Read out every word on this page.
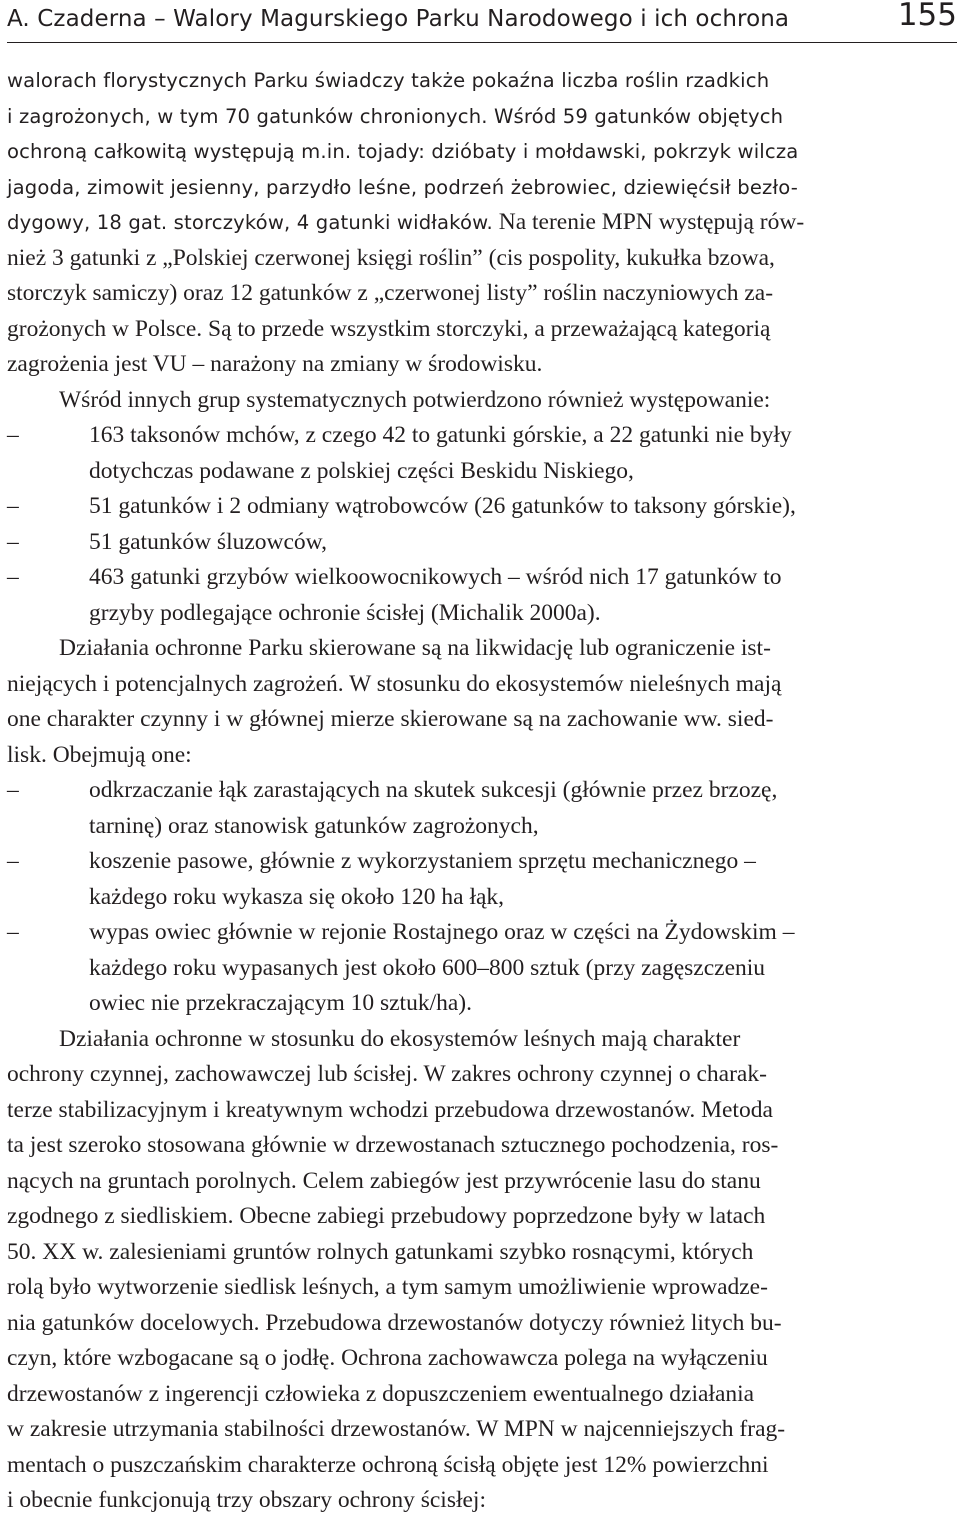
A. Czaderna – Walory Magurskiego Parku Narodowego i ich ochrona	155
walorach florystycznych Parku świadczy także pokaźna liczba roślin rzadkich
i zagrożonych, w tym 70 gatunków chronionych. Wśród 59 gatunków objętych
ochroną całkowitą występują m.in. tojady: dzióbaty i mołdawski, pokrzyk wilcza
jagoda, zimowit jesienny, parzydło leśne, podrzeń żebrowiec, dziewięćsił bezło-
dygowy, 18 gat. storczyków, 4 gatunki widłaków. Na terenie MPN występują rów-
nież 3 gatunki z „Polskiej czerwonej księgi roślin” (cis pospolity, kukułka bzowa,
storczyk samiczy) oraz 12 gatunków z „czerwonej listy” roślin naczyniowych za-
grożonych w Polsce. Są to przede wszystkim storczyki, a przeważającą kategorią
zagrożenia jest VU – narażony na zmiany w środowisku.
Wśród innych grup systematycznych potwierdzono również występowanie:
–	163 taksonów mchów, z czego 42 to gatunki górskie, a 22 gatunki nie były
dotychczas podawane z polskiej części Beskidu Niskiego,
–	51 gatunków i 2 odmiany wątrobowców (26 gatunków to taksony górskie),
–	51 gatunków śluzowców,
–	463 gatunki grzybów wielkoowocnikowych – wśród nich 17 gatunków to
grzyby podlegające ochronie ścisłej (Michalik 2000a).
Działania ochronne Parku skierowane są na likwidację lub ograniczenie ist-
niejących i potencjalnych zagrożeń. W stosunku do ekosystemów nieleśnych mają
one charakter czynny i w głównej mierze skierowane są na zachowanie ww. sied-
lisk. Obejmują one:
–	odkrzaczanie łąk zarastających na skutek sukcesji (głównie przez brzozę,
tarninę) oraz stanowisk gatunków zagrożonych,
–	koszenie pasowe, głównie z wykorzystaniem sprzętu mechanicznego –
każdego roku wykasza się około 120 ha łąk,
–	wypas owiec głównie w rejonie Rostajnego oraz w części na Żydowskim –
każdego roku wypasanych jest około 600–800 sztuk (przy zagęszczeniu
owiec nie przekraczającym 10 sztuk/ha).
Działania ochronne w stosunku do ekosystemów leśnych mają charakter
ochrony czynnej, zachowawczej lub ścisłej. W zakres ochrony czynnej o charak-
terze stabilizacyjnym i kreatywnym wchodzi przebudowa drzewostanów. Metoda
ta jest szeroko stosowana głównie w drzewostanach sztucznego pochodzenia, ros-
nących na gruntach porolnych. Celem zabiegów jest przywrócenie lasu do stanu
zgodnego z siedliskiem. Obecne zabiegi przebudowy poprzedzone były w latach
50. XX w. zalesieniami gruntów rolnych gatunkami szybko rosnącymi, których
rolą było wytworzenie siedlisk leśnych, a tym samym umożliwienie wprowadze-
nia gatunków docelowych. Przebudowa drzewostanów dotyczy również litych bu-
czyn, które wzbogacane są o jodłę. Ochrona zachowawcza polega na wyłączeniu
drzewostanów z ingerencji człowieka z dopuszczeniem ewentualnego działania
w zakresie utrzymania stabilności drzewostanów. W MPN w najcenniejszych frag-
mentach o puszczańskim charakterze ochroną ścisłą objęte jest 12% powierzchni
i obecnie funkcjonują trzy obszary ochrony ścisłej:
